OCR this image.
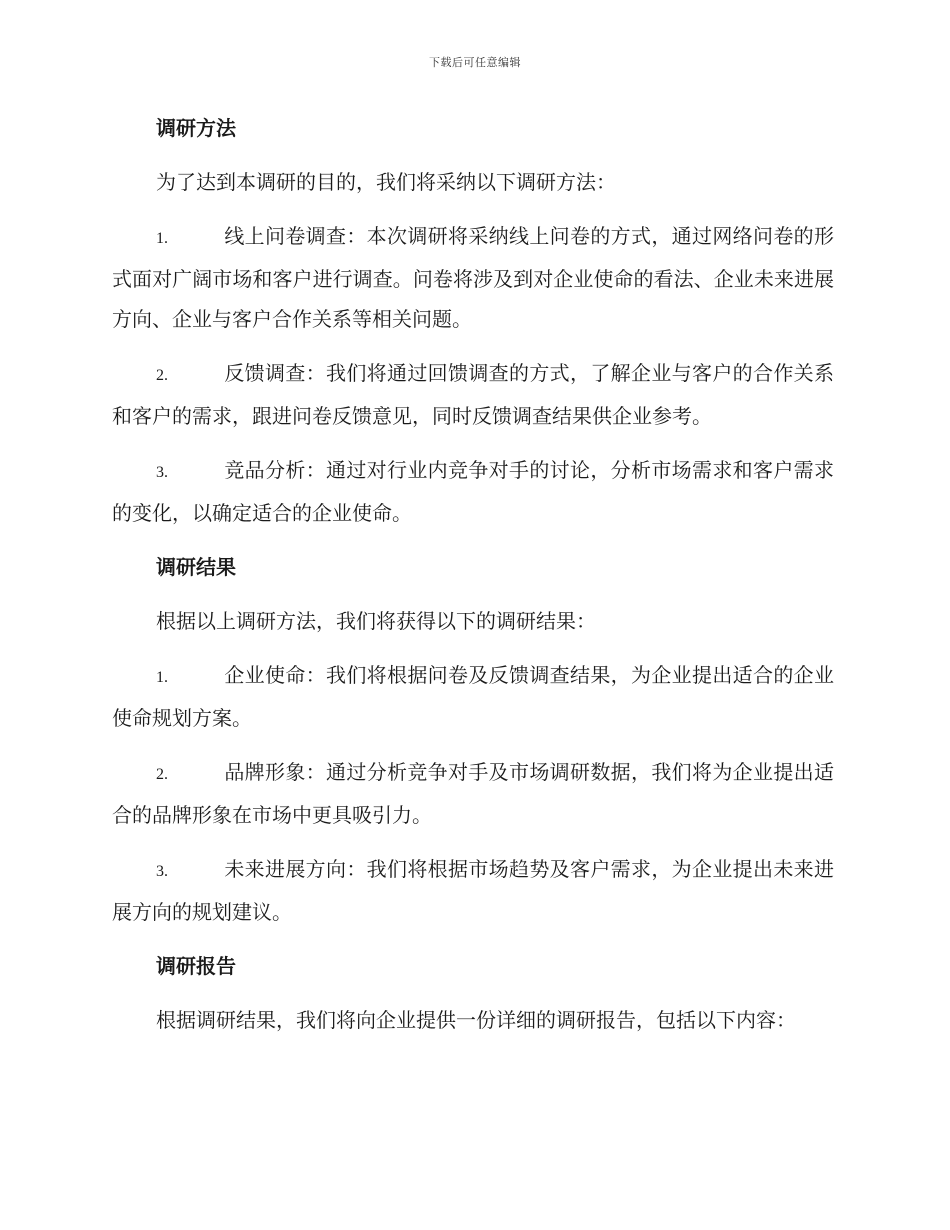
下载后可任意编辑
调研方法

为了达到本调研的目的，我们将采纳以下调研方法：

1.	线上问卷调查：本次调研将采纳线上问卷的方式，通过网络问卷的形式面对广阔市场和客户进行调查。问卷将涉及到对企业使命的看法、企业未来进展方向、企业与客户合作关系等相关问题。

2.	反馈调查：我们将通过回馈调查的方式，了解企业与客户的合作关系和客户的需求，跟进问卷反馈意见，同时反馈调查结果供企业参考。

3.	竞品分析：通过对行业内竞争对手的讨论，分析市场需求和客户需求的变化，以确定适合的企业使命。

调研结果

根据以上调研方法，我们将获得以下的调研结果：

1.	企业使命：我们将根据问卷及反馈调查结果，为企业提出适合的企业使命规划方案。

2.	品牌形象：通过分析竞争对手及市场调研数据，我们将为企业提出适合的品牌形象在市场中更具吸引力。

3.	未来进展方向：我们将根据市场趋势及客户需求，为企业提出未来进展方向的规划建议。

调研报告

根据调研结果，我们将向企业提供一份详细的调研报告，包括以下内容：
